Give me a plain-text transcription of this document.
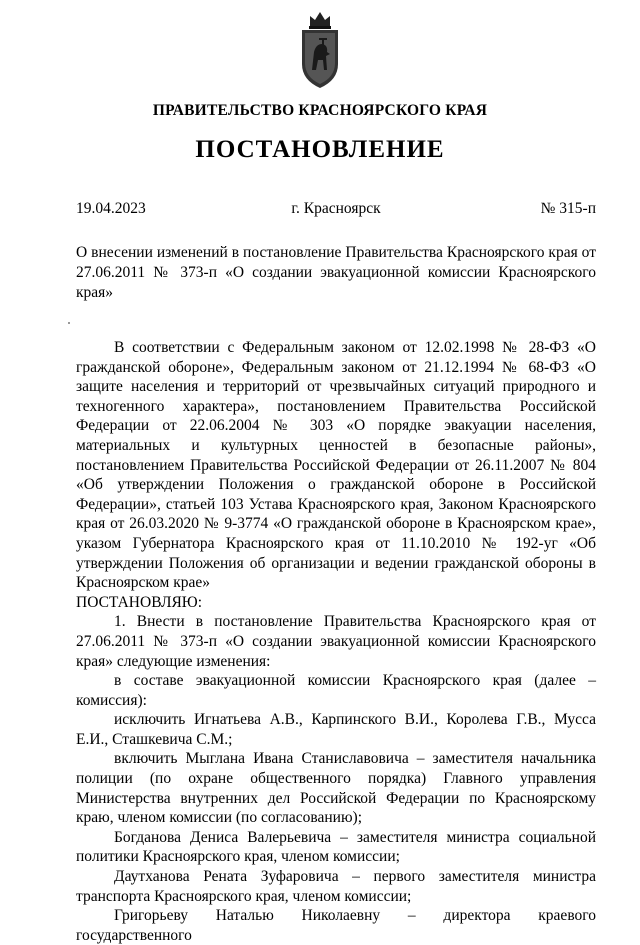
ПРАВИТЕЛЬСТВО КРАСНОЯРСКОГО КРАЯ
ПОСТАНОВЛЕНИЕ
19.04.2023	г. Красноярск	№ 315-п
О внесении изменений в постановление Правительства Красноярского края от 27.06.2011 № 373-п «О создании эвакуационной комиссии Красноярского края»

В соответствии с Федеральным законом от 12.02.1998 № 28-ФЗ «О гражданской обороне», Федеральным законом от 21.12.1994 № 68-ФЗ «О защите населения и территорий от чрезвычайных ситуаций природного и техногенного характера», постановлением Правительства Российской Федерации от 22.06.2004 № 303 «О порядке эвакуации населения, материальных и культурных ценностей в безопасные районы», постановлением Правительства Российской Федерации от 26.11.2007 № 804 «Об утверждении Положения о гражданской обороне в Российской Федерации», статьей 103 Устава Красноярского края, Законом Красноярского края от 26.03.2020 № 9-3774 «О гражданской обороне в Красноярском крае», указом Губернатора Красноярского края от 11.10.2010 № 192-уг «Об утверждении Положения об организации и ведении гражданской обороны в Красноярском крае»

ПОСТАНОВЛЯЮ:

1. Внести в постановление Правительства Красноярского края от 27.06.2011 № 373-п «О создании эвакуационной комиссии Красноярского края» следующие изменения:

в составе эвакуационной комиссии Красноярского края (далее – комиссия):

исключить Игнатьева А.В., Карпинского В.И., Королева Г.В., Мусса Е.И., Сташкевича С.М.;

включить Мыглана Ивана Станиславовича – заместителя начальника полиции (по охране общественного порядка) Главного управления Министерства внутренних дел Российской Федерации по Красноярскому краю, членом комиссии (по согласованию);

Богданова Дениса Валерьевича – заместителя министра социальной политики Красноярского края, членом комиссии;

Даутханова Рената Зуфаровича – первого заместителя министра транспорта Красноярского края, членом комиссии;

Григорьеву Наталью Николаевну – директора краевого государственного
